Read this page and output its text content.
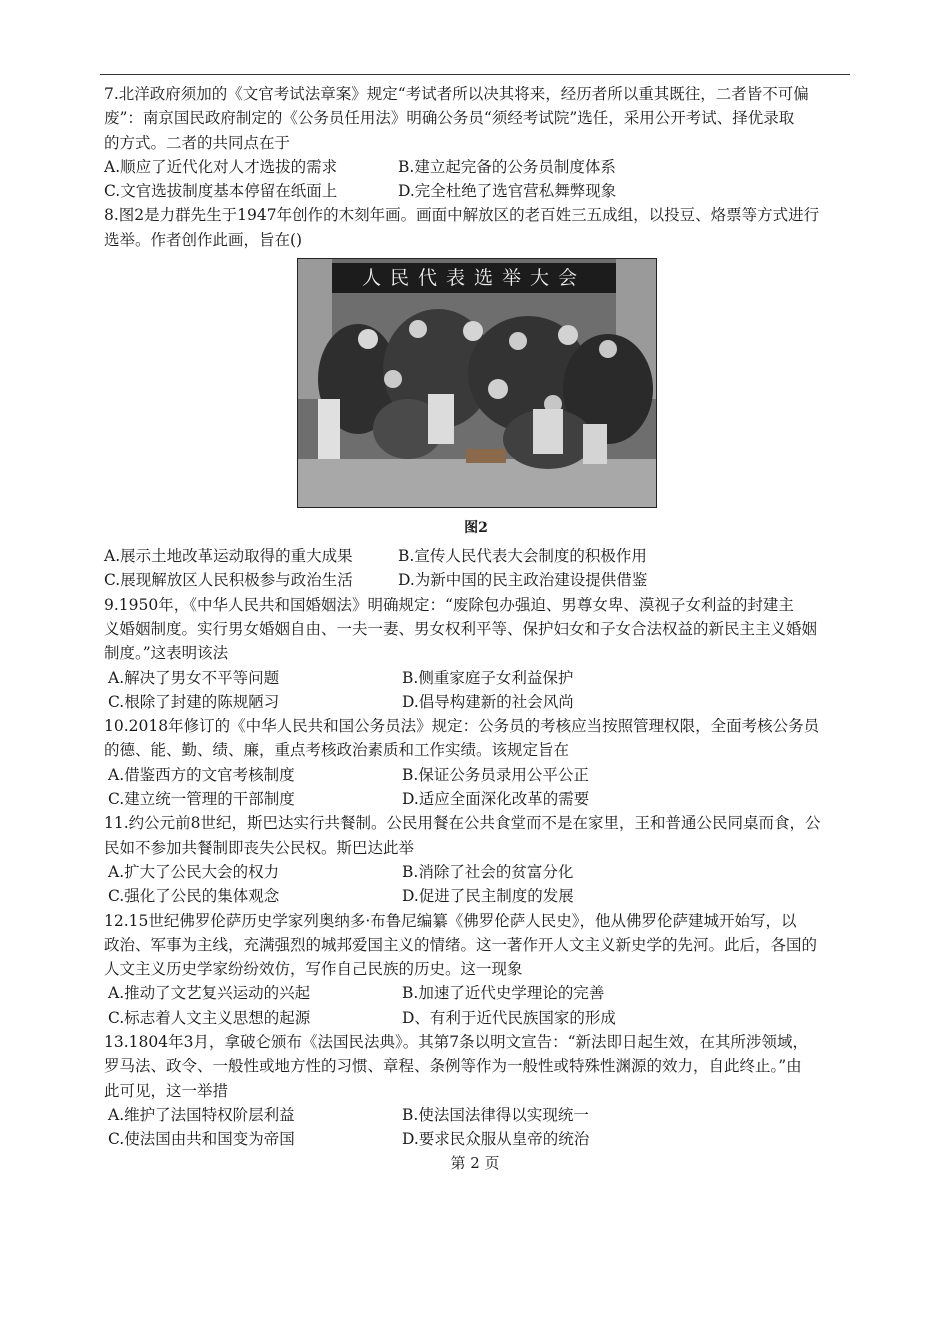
7.北洋政府须加的《文官考试法章案》规定“考试者所以决其将来，经历者所以重其既往，二者皆不可偏
废”：南京国民政府制定的《公务员任用法》明确公务员“须经考试院”选任，采用公开考试、择优录取
的方式。二者的共同点在于
A.顺应了近代化对人才选拔的需求	B.建立起完备的公务员制度体系
C.文官选拔制度基本停留在纸面上	D.完全杜绝了选官营私舞弊现象
8.图2是力群先生于1947年创作的木刻年画。画面中解放区的老百姓三五成组，以投豆、烙票等方式进行
选举。作者创作此画，旨在()
人民代表选举大会
图2
A.展示土地改革运动取得的重大成果	B.宣传人民代表大会制度的积极作用
C.展现解放区人民积极参与政治生活	D.为新中国的民主政治建设提供借鉴
9.1950年，《中华人民共和国婚姻法》明确规定：“废除包办强迫、男尊女卑、漠视子女利益的封建主
义婚姻制度。实行男女婚姻自由、一夫一妻、男女权利平等、保护妇女和子女合法权益的新民主主义婚姻
制度。”这表明该法
A.解决了男女不平等问题	B.侧重家庭子女利益保护
C.根除了封建的陈规陋习	D.倡导构建新的社会风尚
10.2018年修订的《中华人民共和国公务员法》规定：公务员的考核应当按照管理权限，全面考核公务员
的德、能、勤、绩、廉，重点考核政治素质和工作实绩。该规定旨在
A.借鉴西方的文官考核制度	B.保证公务员录用公平公正
C.建立统一管理的干部制度	D.适应全面深化改革的需要
11.约公元前8世纪，斯巴达实行共餐制。公民用餐在公共食堂而不是在家里，王和普通公民同桌而食，公
民如不参加共餐制即丧失公民权。斯巴达此举
A.扩大了公民大会的权力	B.消除了社会的贫富分化
C.强化了公民的集体观念	D.促进了民主制度的发展
12.15世纪佛罗伦萨历史学家列奥纳多·布鲁尼编纂《佛罗伦萨人民史》，他从佛罗伦萨建城开始写，以
政治、军事为主线，充满强烈的城邦爱国主义的情绪。这一著作开人文主义新史学的先河。此后，各国的
人文主义历史学家纷纷效仿，写作自己民族的历史。这一现象
A.推动了文艺复兴运动的兴起	B.加速了近代史学理论的完善
C.标志着人文主义思想的起源	D、有利于近代民族国家的形成
13.1804年3月，拿破仑颁布《法国民法典》。其第7条以明文宣告：“新法即日起生效，在其所涉领域，
罗马法、政令、一般性或地方性的习惯、章程、条例等作为一般性或特殊性渊源的效力，自此终止。”由
此可见，这一举措
A.维护了法国特权阶层利益	B.使法国法律得以实现统一
C.使法国由共和国变为帝国	D.要求民众服从皇帝的统治
第 2 页
